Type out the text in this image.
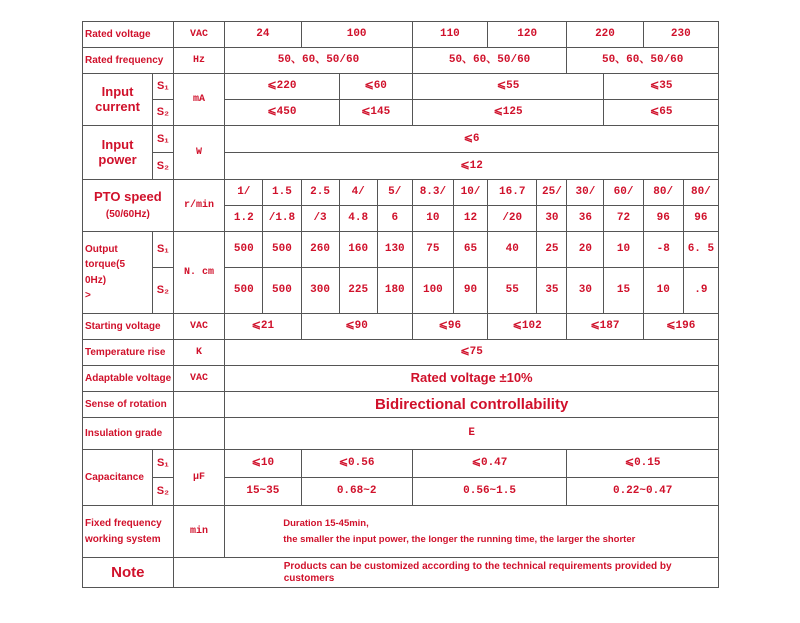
Rated voltage		VAC	24		100			110		120		220		230	
Rated frequency		Hz	50、60、50/60					50、60、50/60				50、60、50/60			

Input
current	S₁	mA	⩽220			⩽60		⩽55					⩽35		
	S₂		⩽450			⩽145		⩽125					⩽65		

Input
power	S₁	W	⩽6												
	S₂		⩽12												

PTO speed
(50/60Hz)		r/min	1/	1.5	2.5	4/	5/	8.3/	10/	16.7	25/	30/	60/	80/	80/
			1.2	/1.8	/3	4.8	6	10	12	/20	30	36	72	96	96

Output
torque(5
0Hz)
>	S₁	N. cm	500	500	260	160	130	75	65	40	25	20	10	-8	6. 5
	S₂		500	500	300	225	180	100	90	55	35	30	15	10	.9
Starting voltage		VAC	⩽21		⩽90			⩽96		⩽102		⩽187		⩽196	
Temperature rise		K	⩽75												
Adaptable voltage		VAC	Rated voltage ±10%												
Sense of rotation			Bidirectional controllability												
Insulation grade			E												
Capacitance	S₁	μF	⩽10		⩽0.56			⩽0.47				⩽0.15			
	S₂		15~35		0.68~2			0.56~1.5				0.22~0.47			

Fixed frequency
working system		min	Duration 15-45min,
the smaller the input power, the longer the running time, the larger the shorter												

Note		Products can be customized according to the technical requirements provided by customers													
